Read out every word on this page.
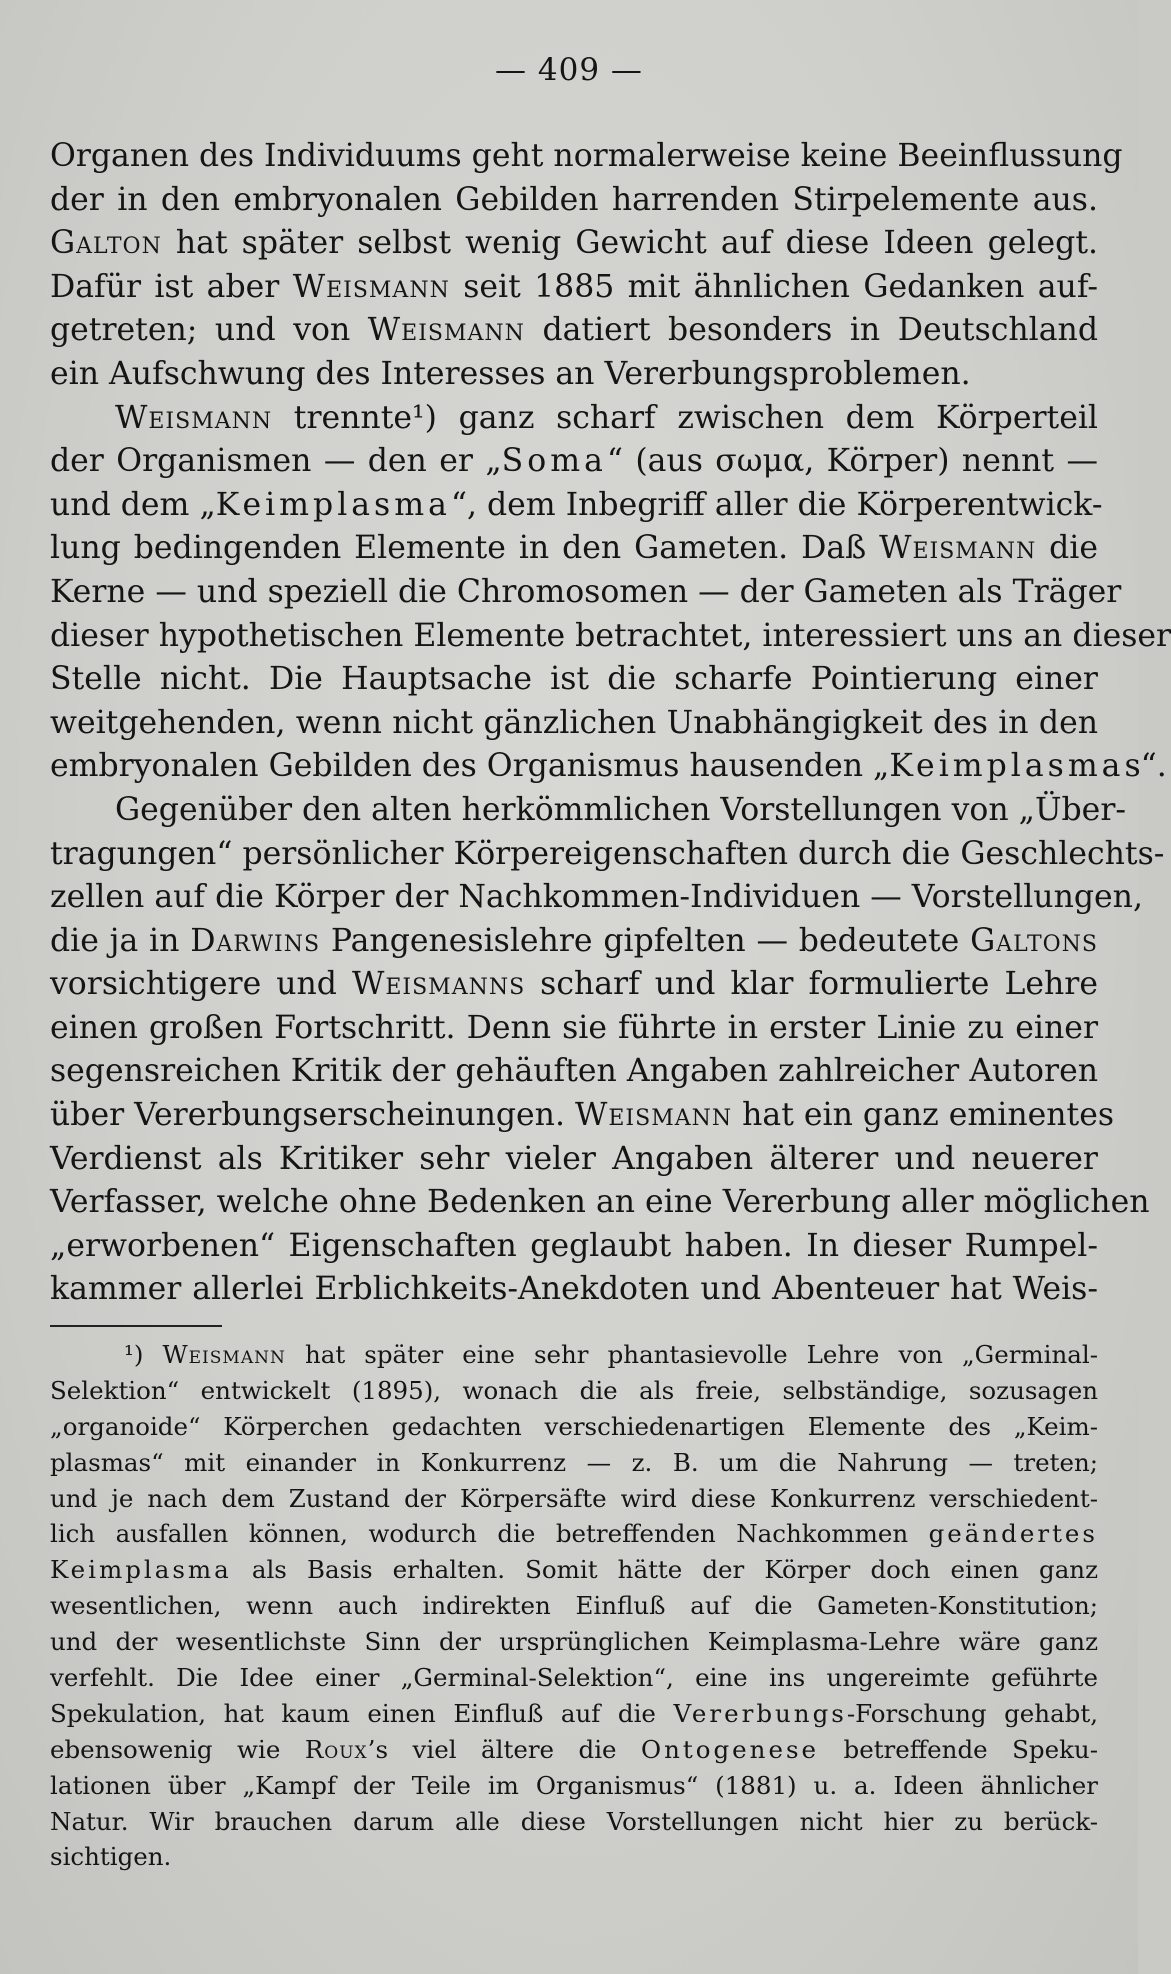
— 409 —
Organen des Individuums geht normalerweise keine Beeinflussung
der in den embryonalen Gebilden harrenden Stirpelemente aus.
Galton hat später selbst wenig Gewicht auf diese Ideen gelegt.
Dafür ist aber Weismann seit 1885 mit ähnlichen Gedanken auf-
getreten; und von Weismann datiert besonders in Deutschland
ein Aufschwung des Interesses an Vererbungsproblemen.
Weismann trennte¹) ganz scharf zwischen dem Körperteil
der Organismen — den er „Soma“ (aus σωμα, Körper) nennt —
und dem „Keimplasma“, dem Inbegriff aller die Körperentwick-
lung bedingenden Elemente in den Gameten. Daß Weismann die
Kerne — und speziell die Chromosomen — der Gameten als Träger
dieser hypothetischen Elemente betrachtet, interessiert uns an dieser
Stelle nicht. Die Hauptsache ist die scharfe Pointierung einer
weitgehenden, wenn nicht gänzlichen Unabhängigkeit des in den
embryonalen Gebilden des Organismus hausenden „Keimplasmas“.
Gegenüber den alten herkömmlichen Vorstellungen von „Über-
tragungen“ persönlicher Körpereigenschaften durch die Geschlechts-
zellen auf die Körper der Nachkommen-Individuen — Vorstellungen,
die ja in Darwins Pangenesislehre gipfelten — bedeutete Galtons
vorsichtigere und Weismanns scharf und klar formulierte Lehre
einen großen Fortschritt. Denn sie führte in erster Linie zu einer
segensreichen Kritik der gehäuften Angaben zahlreicher Autoren
über Vererbungserscheinungen. Weismann hat ein ganz eminentes
Verdienst als Kritiker sehr vieler Angaben älterer und neuerer
Verfasser, welche ohne Bedenken an eine Vererbung aller möglichen
„erworbenen“ Eigenschaften geglaubt haben. In dieser Rumpel-
kammer allerlei Erblichkeits-Anekdoten und Abenteuer hat Weis-
¹) Weismann hat später eine sehr phantasievolle Lehre von „Germinal-
Selektion“ entwickelt (1895), wonach die als freie, selbständige, sozusagen
„organoide“ Körperchen gedachten verschiedenartigen Elemente des „Keim-
plasmas“ mit einander in Konkurrenz — z. B. um die Nahrung — treten;
und je nach dem Zustand der Körpersäfte wird diese Konkurrenz verschiedent-
lich ausfallen können, wodurch die betreffenden Nachkommen geändertes
Keimplasma als Basis erhalten. Somit hätte der Körper doch einen ganz
wesentlichen, wenn auch indirekten Einfluß auf die Gameten-Konstitution;
und der wesentlichste Sinn der ursprünglichen Keimplasma-Lehre wäre ganz
verfehlt. Die Idee einer „Germinal-Selektion“, eine ins ungereimte geführte
Spekulation, hat kaum einen Einfluß auf die Vererbungs-Forschung gehabt,
ebensowenig wie Roux’s viel ältere die Ontogenese betreffende Speku-
lationen über „Kampf der Teile im Organismus“ (1881) u. a. Ideen ähnlicher
Natur. Wir brauchen darum alle diese Vorstellungen nicht hier zu berück-
sichtigen.
